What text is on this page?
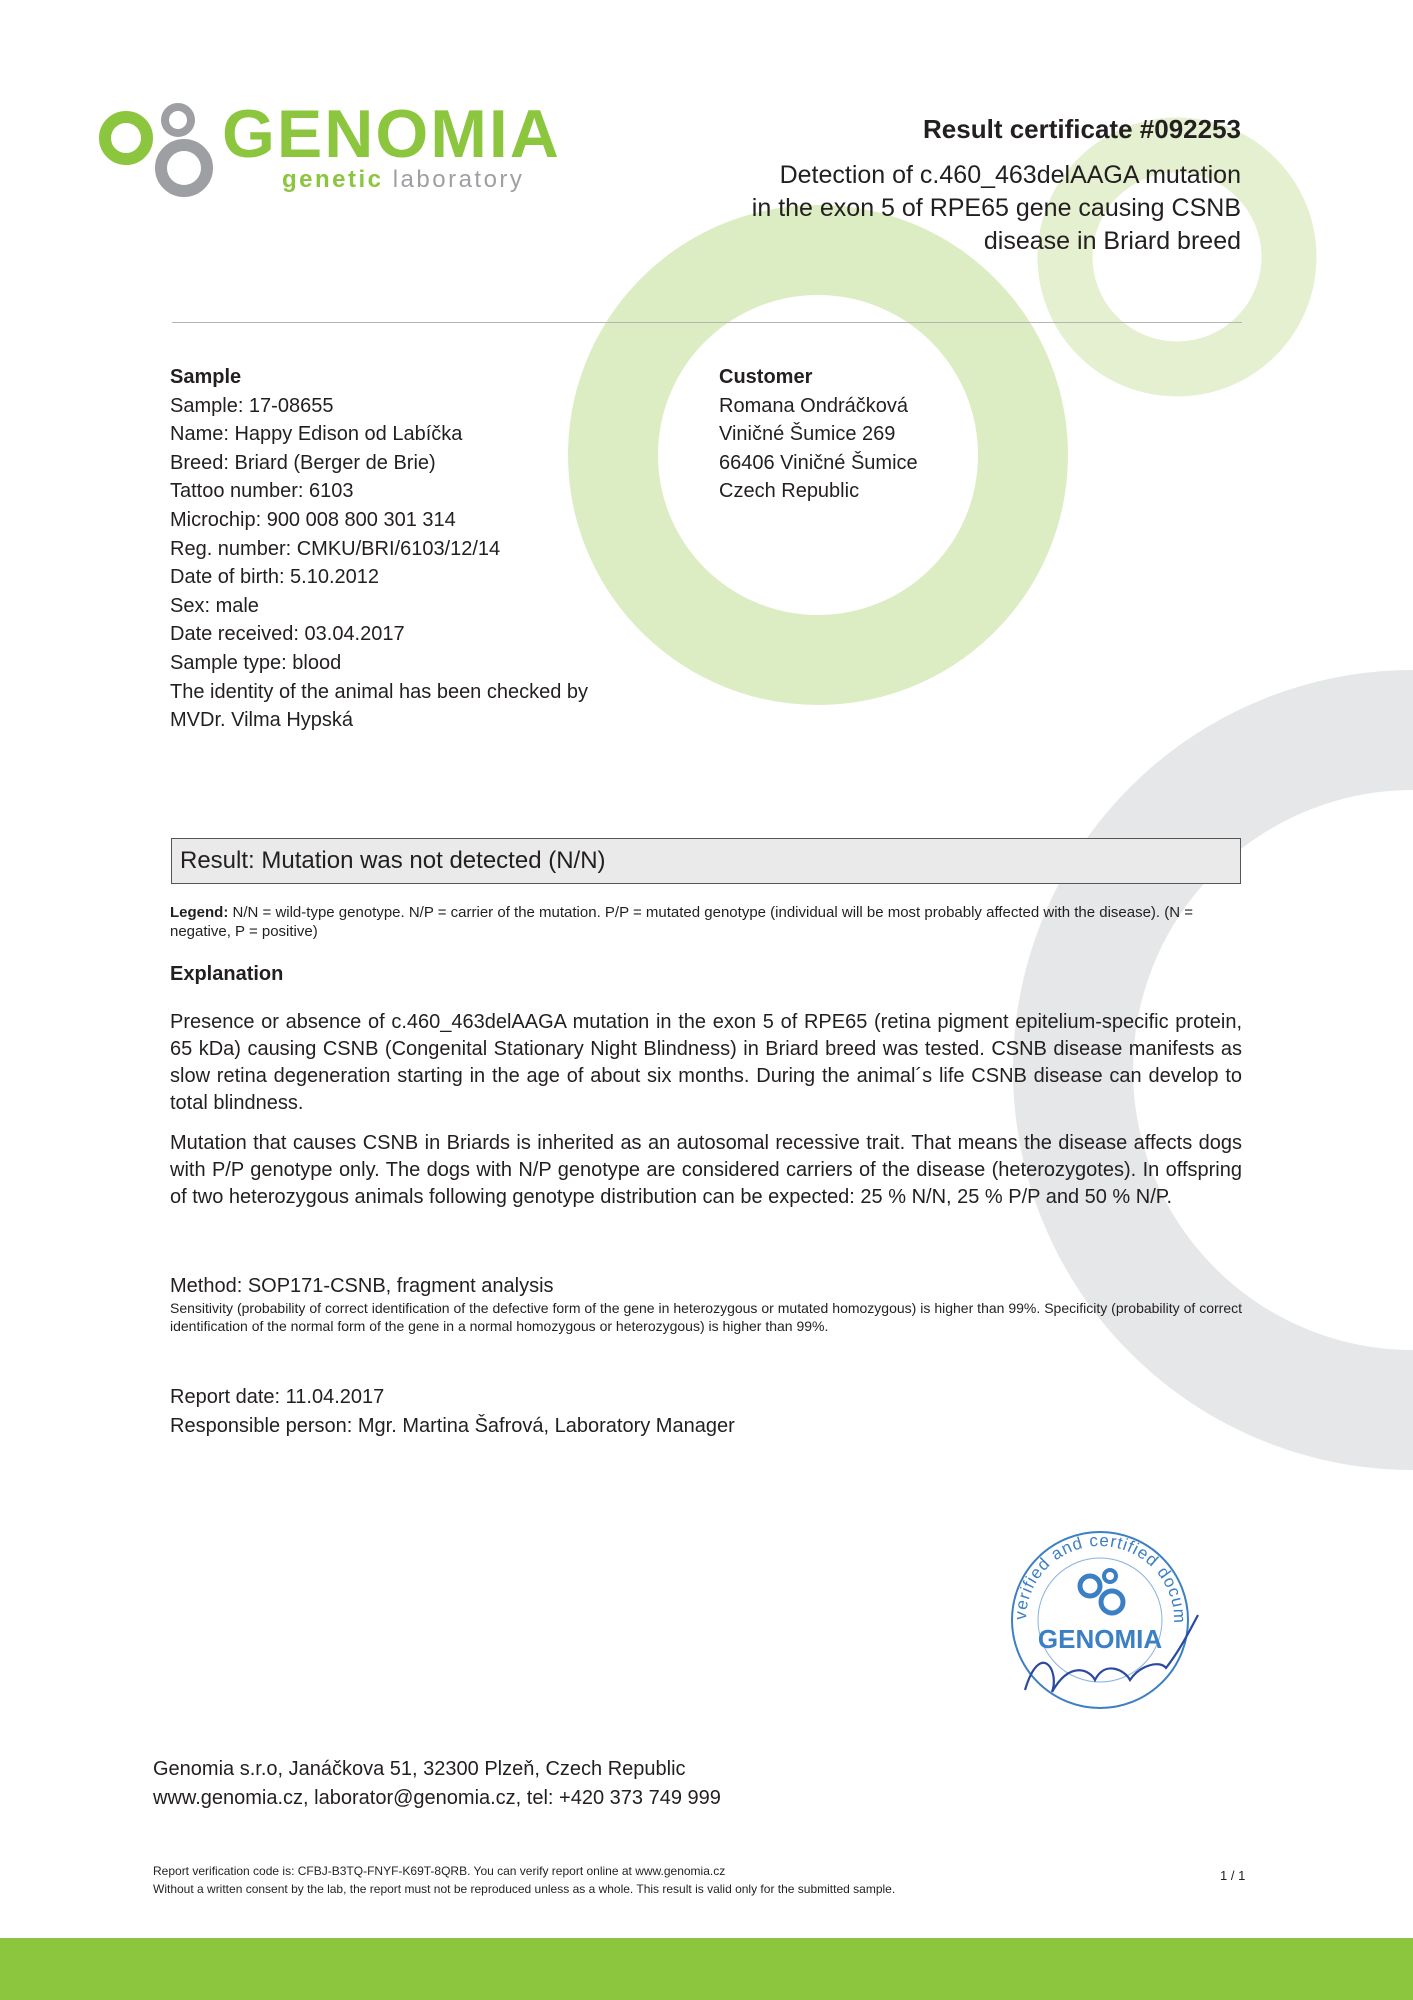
GENOMIA
genetic laboratory
Result certificate #092253
Detection of c.460_463delAAGA mutation
in the exon 5 of RPE65 gene causing CSNB
disease in Briard breed
Sample
Sample: 17-08655
Name: Happy Edison od Labíčka
Breed: Briard (Berger de Brie)
Tattoo number: 6103
Microchip: 900 008 800 301 314
Reg. number: CMKU/BRI/6103/12/14
Date of birth: 5.10.2012
Sex: male
Date received: 03.04.2017
Sample type: blood
The identity of the animal has been checked by
MVDr. Vilma Hypská
Customer
Romana Ondráčková
Viničné Šumice 269
66406 Viničné Šumice
Czech Republic
Result: Mutation was not detected (N/N)
Legend: N/N = wild-type genotype. N/P = carrier of the mutation. P/P = mutated genotype (individual will be most probably affected with the disease). (N = negative, P = positive)
Explanation

Presence or absence of c.460_463delAAGA mutation in the exon 5 of RPE65 (retina pigment epitelium-specific protein, 65 kDa) causing CSNB (Congenital Stationary Night Blindness) in Briard breed was tested. CSNB disease manifests as slow retina degeneration starting in the age of about six months. During the animal´s life CSNB disease can develop to total blindness.

Mutation that causes CSNB in Briards is inherited as an autosomal recessive trait. That means the disease affects dogs with P/P genotype only. The dogs with N/P genotype are considered carriers of the disease (heterozygotes). In offspring of two heterozygous animals following genotype distribution can be expected: 25 % N/N, 25 % P/P and 50 % N/P.

Method: SOP171-CSNB, fragment analysis
Sensitivity (probability of correct identification of the defective form of the gene in heterozygous or mutated homozygous) is higher than 99%. Specificity (probability of correct identification of the normal form of the gene in a normal homozygous or heterozygous) is higher than 99%.
Report date: 11.04.2017
Responsible person: Mgr. Martina Šafrová, Laboratory Manager
verified and certified docum
GENOMIA
Genomia s.r.o, Janáčkova 51, 32300 Plzeň, Czech Republic
www.genomia.cz, laborator@genomia.cz, tel: +420 373 749 999
Report verification code is: CFBJ-B3TQ-FNYF-K69T-8QRB. You can verify report online at www.genomia.cz
Without a written consent by the lab, the report must not be reproduced unless as a whole. This result is valid only for the submitted sample.
1 / 1
